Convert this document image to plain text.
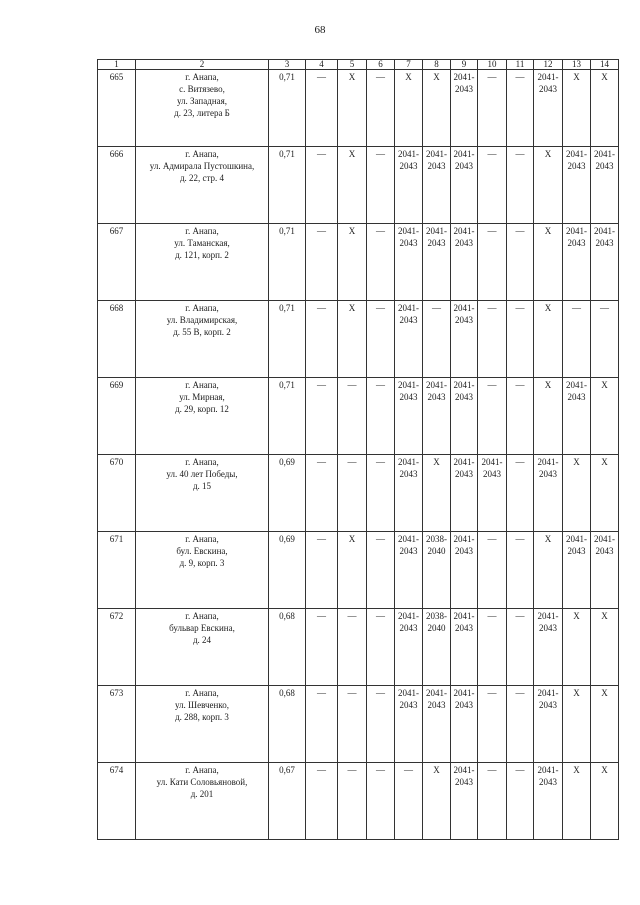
68
1	2	3	4	5	6	7	8	9	10	11	12	13	14

665	г. Анапа,
с. Витязево,
ул. Западная,
д. 23, литера Б	0,71	—	X	—	X	X	2041-
2043	—	—	2041-
2043	X	X

666	г. Анапа,
ул. Адмирала Пустошкина,
д. 22, стр. 4	0,71	—	X	—	2041-
2043	2041-
2043	2041-
2043	—	—	X	2041-
2043	2041-
2043

667	г. Анапа,
ул. Таманская,
д. 121, корп. 2	0,71	—	X	—	2041-
2043	2041-
2043	2041-
2043	—	—	X	2041-
2043	2041-
2043

668	г. Анапа,
ул. Владимирская,
д. 55 В, корп. 2	0,71	—	X	—	2041-
2043	—	2041-
2043	—	—	X	—	—

669	г. Анапа,
ул. Мирная,
д. 29, корп. 12	0,71	—	—	—	2041-
2043	2041-
2043	2041-
2043	—	—	X	2041-
2043	X

670	г. Анапа,
ул. 40 лет Победы,
д. 15	0,69	—	—	—	2041-
2043	X	2041-
2043	2041-
2043	—	2041-
2043	X	X

671	г. Анапа,
бул. Евскина,
д. 9, корп. 3	0,69	—	X	—	2041-
2043	2038-
2040	2041-
2043	—	—	X	2041-
2043	2041-
2043

672	г. Анапа,
бульвар Евскина,
д. 24	0,68	—	—	—	2041-
2043	2038-
2040	2041-
2043	—	—	2041-
2043	X	X

673	г. Анапа,
ул. Шевченко,
д. 288, корп. 3	0,68	—	—	—	2041-
2043	2041-
2043	2041-
2043	—	—	2041-
2043	X	X

674	г. Анапа,
ул. Кати Соловьяновой,
д. 201	0,67	—	—	—	—	X	2041-
2043	—	—	2041-
2043	X	X
